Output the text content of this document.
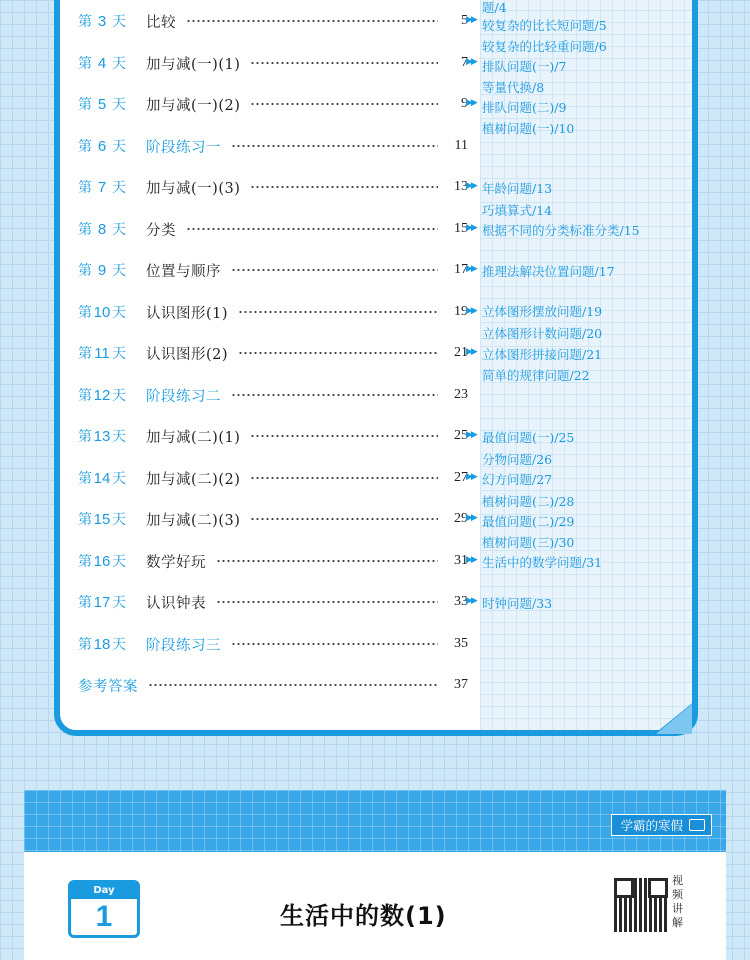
第 3 天	比较	5
第 4 天	加与减(一)(1)	7
第 5 天	加与减(一)(2)	9
第 6 天	阶段练习一	11
第 7 天	加与减(一)(3)	13
第 8 天	分类	15
第 9 天	位置与顺序	17
第 10 天	认识图形(1)	19
第 11 天	认识图形(2)	21
第 12 天	阶段练习二	23
第 13 天	加与减(二)(1)	25
第 14 天	加与减(二)(2)	27
第 15 天	加与减(二)(3)	29
第 16 天	数学好玩	31
第 17 天	认识钟表	33
第 18 天	阶段练习三	35
参考答案	37
▶▶
▶▶
▶▶
▶▶
▶▶
▶▶
▶▶
▶▶
▶▶
▶▶
▶▶
▶▶
▶▶
题/4
较复杂的比长短问题/5
较复杂的比轻重问题/6
排队问题(一)/7
等量代换/8
排队问题(二)/9
植树问题(一)/10
年龄问题/13
巧填算式/14
根据不同的分类标准分类/15
推理法解决位置问题/17
立体图形摆放问题/19
立体图形计数问题/20
立体图形拼接问题/21
简单的规律问题/22
最值问题(一)/25
分物问题/26
幻方问题/27
植树问题(二)/28
最值问题(二)/29
植树问题(三)/30
生活中的数学问题/31
时钟问题/33
学霸的寒假
Day
1	生活中的数(1)
视频讲解
